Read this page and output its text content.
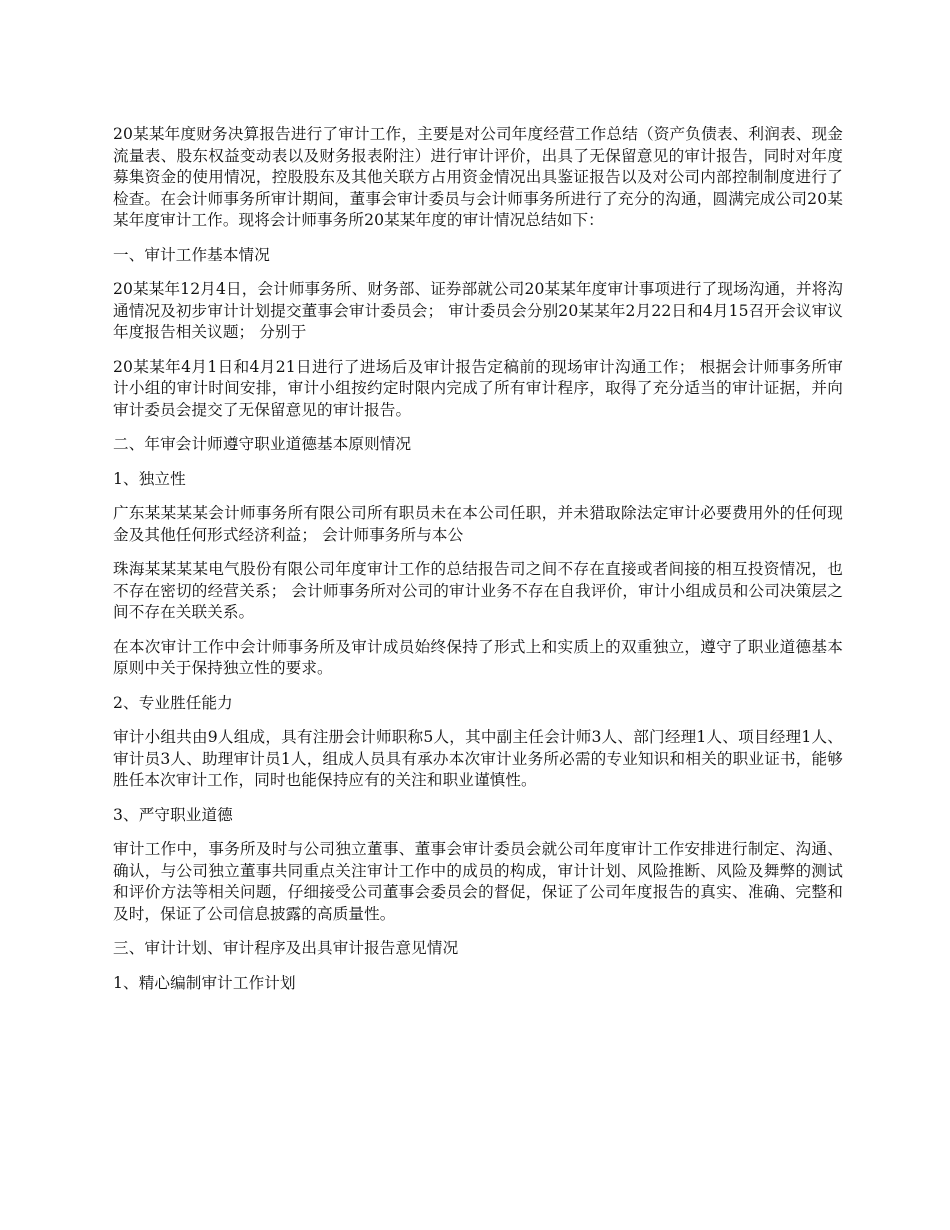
20某某年度财务决算报告进行了审计工作，主要是对公司年度经营工作总结（资产负债表、利润表、现金流量表、股东权益变动表以及财务报表附注）进行审计评价，出具了无保留意见的审计报告，同时对年度募集资金的使用情况，控股股东及其他关联方占用资金情况出具鉴证报告以及对公司内部控制制度进行了检查。在会计师事务所审计期间，董事会审计委员与会计师事务所进行了充分的沟通，圆满完成公司20某某年度审计工作。现将会计师事务所20某某年度的审计情况总结如下：

一、审计工作基本情况

20某某年12月4日，会计师事务所、财务部、证券部就公司20某某年度审计事项进行了现场沟通，并将沟通情况及初步审计计划提交董事会审计委员会； 审计委员会分别20某某年2月22日和4月15召开会议审议年度报告相关议题； 分别于

20某某年4月1日和4月21日进行了进场后及审计报告定稿前的现场审计沟通工作； 根据会计师事务所审计小组的审计时间安排，审计小组按约定时限内完成了所有审计程序，取得了充分适当的审计证据，并向审计委员会提交了无保留意见的审计报告。

二、年审会计师遵守职业道德基本原则情况

1、独立性

广东某某某某会计师事务所有限公司所有职员未在本公司任职，并未猎取除法定审计必要费用外的任何现金及其他任何形式经济利益； 会计师事务所与本公

珠海某某某某电气股份有限公司年度审计工作的总结报告司之间不存在直接或者间接的相互投资情况，也不存在密切的经营关系； 会计师事务所对公司的审计业务不存在自我评价，审计小组成员和公司决策层之间不存在关联关系。

在本次审计工作中会计师事务所及审计成员始终保持了形式上和实质上的双重独立，遵守了职业道德基本原则中关于保持独立性的要求。

2、专业胜任能力

审计小组共由9人组成，具有注册会计师职称5人，其中副主任会计师3人、部门经理1人、项目经理1人、审计员3人、助理审计员1人，组成人员具有承办本次审计业务所必需的专业知识和相关的职业证书，能够胜任本次审计工作，同时也能保持应有的关注和职业谨慎性。

3、严守职业道德

审计工作中，事务所及时与公司独立董事、董事会审计委员会就公司年度审计工作安排进行制定、沟通、确认，与公司独立董事共同重点关注审计工作中的成员的构成，审计计划、风险推断、风险及舞弊的测试和评价方法等相关问题，仔细接受公司董事会委员会的督促，保证了公司年度报告的真实、准确、完整和及时，保证了公司信息披露的高质量性。

三、审计计划、审计程序及出具审计报告意见情况

1、精心编制审计工作计划
